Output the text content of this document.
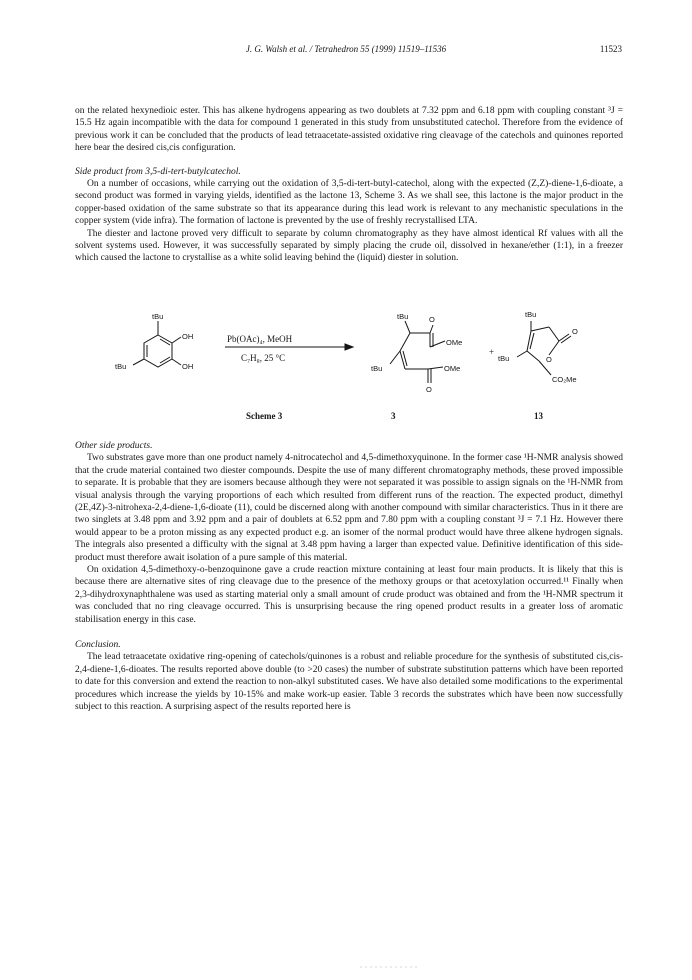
J. G. Walsh et al. / Tetrahedron 55 (1999) 11519–11536	11523

on the related hexynedioic ester. This has alkene hydrogens appearing as two doublets at 7.32 ppm and 6.18 ppm with coupling constant ³J = 15.5 Hz again incompatible with the data for compound 1 generated in this study from unsubstituted catechol. Therefore from the evidence of previous work it can be concluded that the products of lead tetraacetate-assisted oxidative ring cleavage of the catechols and quinones reported here bear the desired cis,cis configuration.

Side product from 3,5-di-tert-butylcatechol.

On a number of occasions, while carrying out the oxidation of 3,5-di-tert-butyl-catechol, along with the expected (Z,Z)-diene-1,6-dioate, a second product was formed in varying yields, identified as the lactone 13, Scheme 3. As we shall see, this lactone is the major product in the copper-based oxidation of the same substrate so that its appearance during this lead work is relevant to any mechanistic speculations in the copper system (vide infra). The formation of lactone is prevented by the use of freshly recrystallised LTA.

The diester and lactone proved very difficult to separate by column chromatography as they have almost identical Rf values with all the solvent systems used. However, it was successfully separated by simply placing the crude oil, dissolved in hexane/ether (1:1), in a freezer which caused the lactone to crystallise as a white solid leaving behind the (liquid) diester in solution.

tBu
OH
OH
tBu
Pb(OAc)₄, MeOH
C₇H₈, 25 °C
tBu	O
OMe
tBu	OMe
O
+
tBu
O
O
tBu
CO₂Me
Scheme 3	3	13

Other side products.

Two substrates gave more than one product namely 4-nitrocatechol and 4,5-dimethoxyquinone. In the former case ¹H-NMR analysis showed that the crude material contained two diester compounds. Despite the use of many different chromatography methods, these proved impossible to separate. It is probable that they are isomers because although they were not separated it was possible to assign signals on the ¹H-NMR from visual analysis through the varying proportions of each which resulted from different runs of the reaction. The expected product, dimethyl (2E,4Z)-3-nitrohexa-2,4-diene-1,6-dioate (11), could be discerned along with another compound with similar characteristics. Thus in it there are two singlets at 3.48 ppm and 3.92 ppm and a pair of doublets at 6.52 ppm and 7.80 ppm with a coupling constant ³J = 7.1 Hz. However there would appear to be a proton missing as any expected product e.g. an isomer of the normal product would have three alkene hydrogen signals. The integrals also presented a difficulty with the signal at 3.48 ppm having a larger than expected value. Definitive identification of this side-product must therefore await isolation of a pure sample of this material.

On oxidation 4,5-dimethoxy-o-benzoquinone gave a crude reaction mixture containing at least four main products. It is likely that this is because there are alternative sites of ring cleavage due to the presence of the methoxy groups or that acetoxylation occurred.¹¹ Finally when 2,3-dihydroxynaphthalene was used as starting material only a small amount of crude product was obtained and from the ¹H-NMR spectrum it was concluded that no ring cleavage occurred. This is unsurprising because the ring opened product results in a greater loss of aromatic stabilisation energy in this case.

Conclusion.

The lead tetraacetate oxidative ring-opening of catechols/quinones is a robust and reliable procedure for the synthesis of substituted cis,cis-2,4-diene-1,6-dioates. The results reported above double (to >20 cases) the number of substrate substitution patterns which have been reported to date for this conversion and extend the reaction to non-alkyl substituted cases. We have also detailed some modifications to the experimental procedures which increase the yields by 10-15% and make work-up easier. Table 3 records the substrates which have been now successfully subject to this reaction. A surprising aspect of the results reported here is
